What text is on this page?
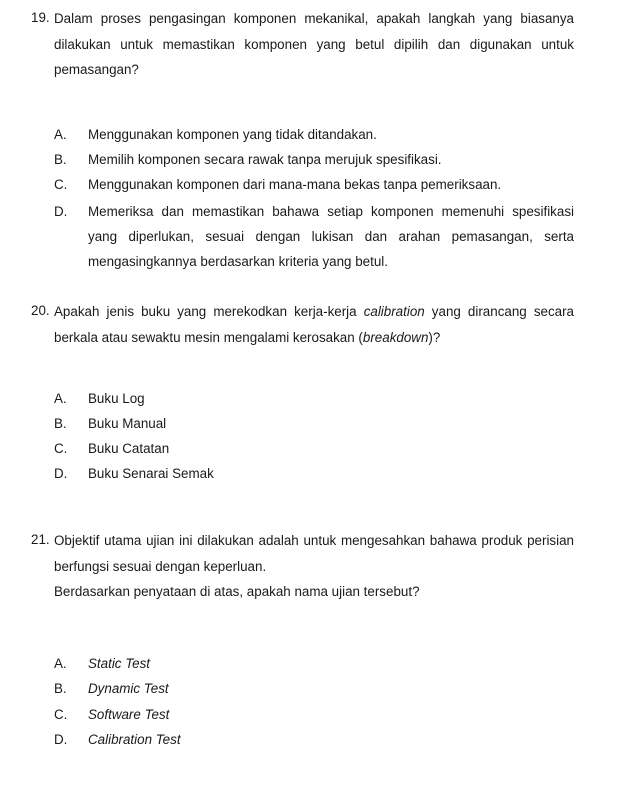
19. Dalam proses pengasingan komponen mekanikal, apakah langkah yang biasanya dilakukan untuk memastikan komponen yang betul dipilih dan digunakan untuk pemasangan?

A. Menggunakan komponen yang tidak ditandakan.
B. Memilih komponen secara rawak tanpa merujuk spesifikasi.
C. Menggunakan komponen dari mana-mana bekas tanpa pemeriksaan.
D. Memeriksa dan memastikan bahawa setiap komponen memenuhi spesifikasi yang diperlukan, sesuai dengan lukisan dan arahan pemasangan, serta mengasingkannya berdasarkan kriteria yang betul.
20. Apakah jenis buku yang merekodkan kerja-kerja calibration yang dirancang secara berkala atau sewaktu mesin mengalami kerosakan (breakdown)?

A. Buku Log
B. Buku Manual
C. Buku Catatan
D. Buku Senarai Semak
21. Objektif utama ujian ini dilakukan adalah untuk mengesahkan bahawa produk perisian berfungsi sesuai dengan keperluan.

Berdasarkan penyataan di atas, apakah nama ujian tersebut?

A. Static Test
B. Dynamic Test
C. Software Test
D. Calibration Test
